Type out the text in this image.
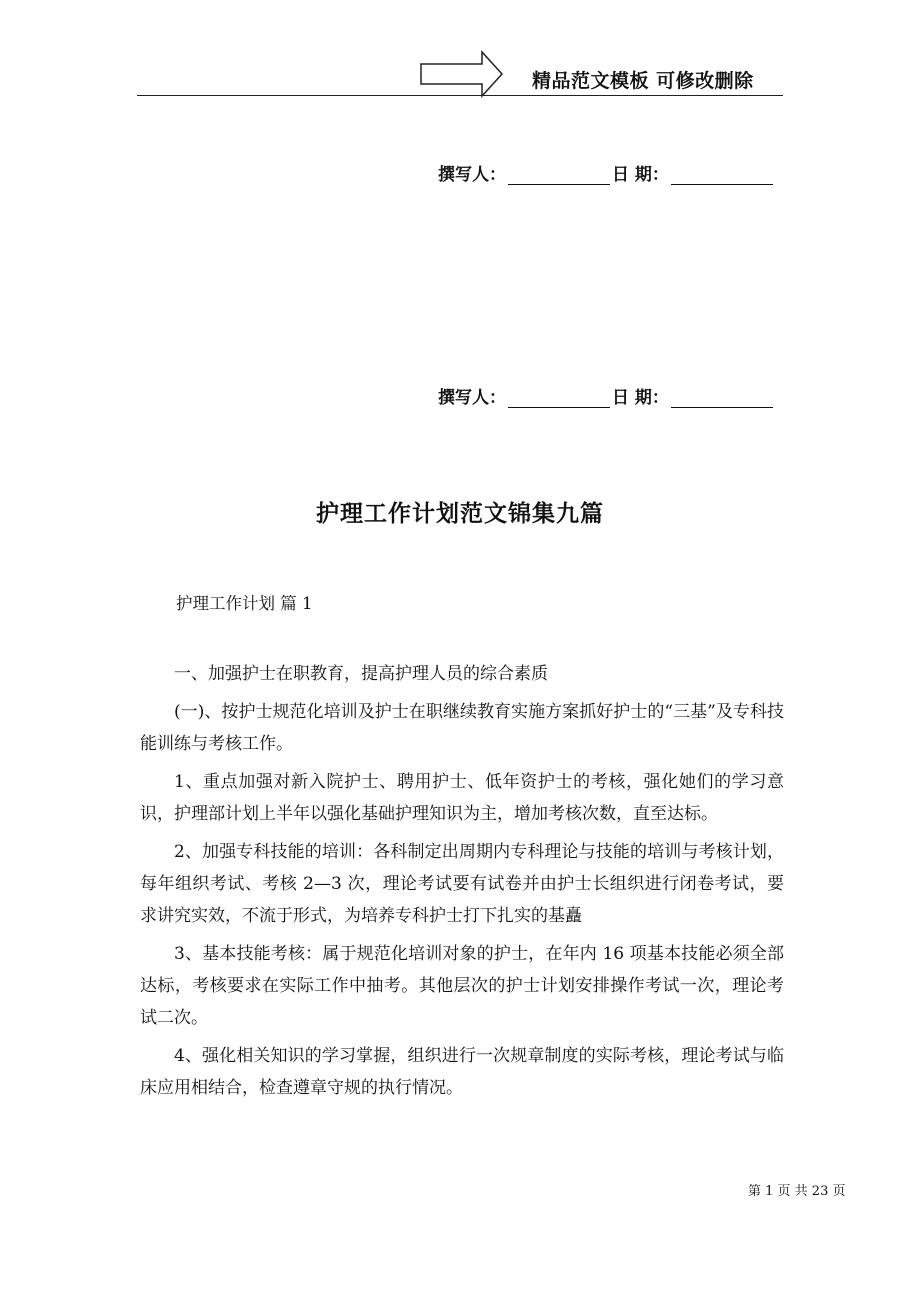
精品范文模板 可修改删除
撰写人：	日 期：
撰写人：	日 期：
护理工作计划范文锦集九篇
护理工作计划 篇 1

一、加强护士在职教育，提高护理人员的综合素质

(一)、按护士规范化培训及护士在职继续教育实施方案抓好护士的“三基”及专科技能训练与考核工作。

1、重点加强对新入院护士、聘用护士、低年资护士的考核，强化她们的学习意识，护理部计划上半年以强化基础护理知识为主，增加考核次数，直至达标。

2、加强专科技能的培训：各科制定出周期内专科理论与技能的培训与考核计划，每年组织考试、考核 2—3 次，理论考试要有试卷并由护士长组织进行闭卷考试，要求讲究实效，不流于形式，为培养专科护士打下扎实的基矗

3、基本技能考核：属于规范化培训对象的护士，在年内 16 项基本技能必须全部达标，考核要求在实际工作中抽考。其他层次的护士计划安排操作考试一次，理论考试二次。

4、强化相关知识的学习掌握，组织进行一次规章制度的实际考核，理论考试与临床应用相结合，检查遵章守规的执行情况。

第 1 页 共 23 页
